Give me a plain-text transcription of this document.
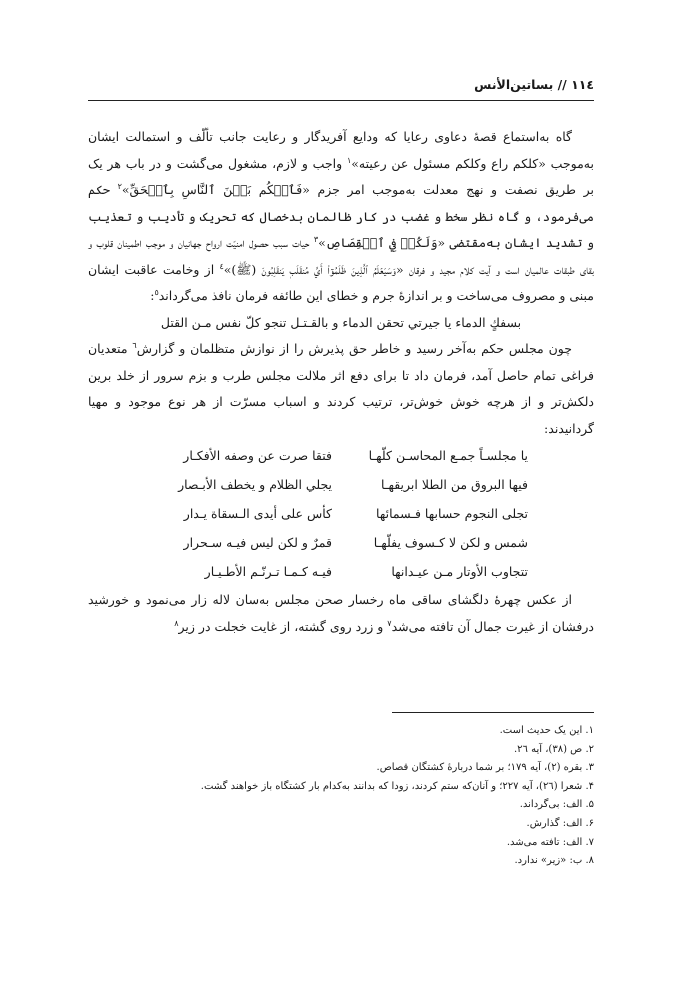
١١٤ // بساتین‌الأنس

گاه به‌استماع قصهٔ دعاوی رعایا که ودایع آفریدگار و رعایت جانب تألّف و استمالت ایشان به‌موجب «کلکم راع وکلکم مسئول عن رعیته»$^١$ واجب و لازم، مشغول می‌گشت و در باب هر یک بر طریق نصفت و نهج معدلت به‌موجب امر جزم «فَٱحۡكُم بَيۡنَ ٱلنَّاسِ بِٱلۡحَقِّ»$^٢$ حکم می‌فرمود، و گاه نظر سخط و غضب در کار ظالمان بدخصال که تحریک و تأدیب و تعذیب و تشدید ایشان به‌مقتضی «وَلَكُمۡ فِي ٱلۡقِصَاصِ»$^٣$ حیات سبب حصول امنیّت ارواح جهانیان و موجب اطمینان قلوب و بقای طبقات عالمیان است و آیت کلام مجید و فرقان «وَسَيَعۡلَمُ ٱلَّذِينَ ظَلَمُوٓاْ أَيَّ مُنقَلَبٖ يَنقَلِبُونَ (ﷺ)»$^٤$ از وخامت عاقبت ایشان مبنی و مصروف می‌ساخت و بر اندازهٔ جرم و خطای این طائفه فرمان نافذ می‌گرداند$^٥$:

بسفكٍ الدماء يا جيرتي تحقن الدماء و بالقـتـل تنجو كلّ نفس مـن القتل

چون مجلس حکم به‌آخر رسید و خاطر حق پذیرش را از نوازش متظلمان و گزارش$^٦$ متعدیان فراغی تمام حاصل آمد، فرمان داد تا برای دفع اثر ملالت مجلس طرب و بزم سرور از خلد برین دلکش‌تر و از هرچه خوش خوش‌تر، ترتیب کردند و اسباب مسرّت از هر نوع موجود و مهیا گردانیدند:

يا مجلسـاً جمـع المحاسـن كلّهـا
فتقا صرت عن وصفه الأفكـار
فيها البروق من الطلا ابريقهـا
يجلي الظلام و يخطف الأبـصار
تجلى النجوم حسابها فـسمائها
كأس على أيدى الـسقاة يـدار
شمس و لكن لا كـسوف يفلّهـا
قمرٌ و لكن ليس فيـه سـحرار
تتجاوب الأوتار مـن عيـدانها
فيـه كـمـا تـرنّـم الأطـيـار

از عکس چهرهٔ دلگشای ساقی ماه رخسار صحن مجلس به‌سان لاله زار می‌نمود و خورشید درفشان از غیرت جمال آن تافته می‌شد$^٧$ و زرد روی گشته، از غایت خجلت در زیر$^٨$

١. این یک حدیث است.
٢. ص (٣٨)، آیه ٢٦.
٣. بقره (٢)، آیه ١٧٩؛ بر شما دربارهٔ کشتگان قصاص.
۴. شعرا (٢٦)، آیه ٢٢٧؛ و آنان‌که ستم کردند، زودا که بدانند به‌کدام بار کشتگاه باز خواهند گشت.
۵. الف: بی‌گرداند.
۶. الف: گذارش.
۷. الف: تافته می‌شد.
۸. ب: «زیر» ندارد.
